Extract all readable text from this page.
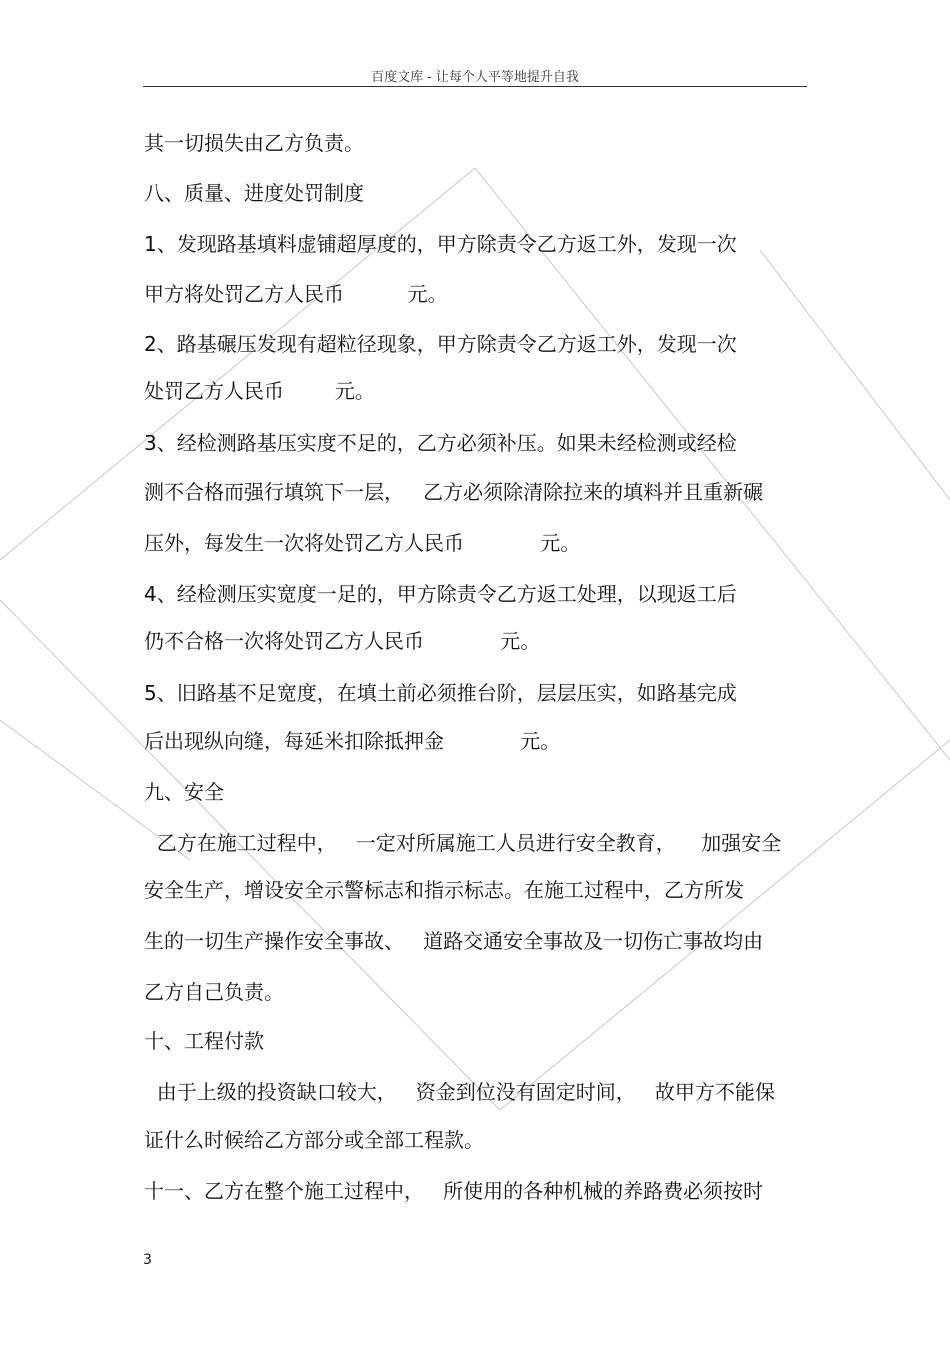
百度文库 - 让每个人平等地提升自我
其一切损失由乙方负责。
八、质量、进度处罚制度
1、发现路基填料虚铺超厚度的，甲方除责令乙方返工外，发现一次
甲方将处罚乙方人民币          元。
2、路基碾压发现有超粒径现象，甲方除责令乙方返工外，发现一次
处罚乙方人民币        元。
3、经检测路基压实度不足的，乙方必须补压。如果未经检测或经检
测不合格而强行填筑下一层，   乙方必须除清除拉来的填料并且重新碾
压外，每发生一次将处罚乙方人民币            元。
4、经检测压实宽度一足的，甲方除责令乙方返工处理，以现返工后
仍不合格一次将处罚乙方人民币            元。
5、旧路基不足宽度，在填土前必须推台阶，层层压实，如路基完成
后出现纵向缝，每延米扣除抵押金            元。
九、安全
乙方在施工过程中，   一定对所属施工人员进行安全教育，    加强安全
安全生产，增设安全示警标志和指示标志。在施工过程中，乙方所发
生的一切生产操作安全事故、   道路交通安全事故及一切伤亡事故均由
乙方自己负责。
十、工程付款
由于上级的投资缺口较大，   资金到位没有固定时间，   故甲方不能保
证什么时候给乙方部分或全部工程款。
十一、乙方在整个施工过程中，   所使用的各种机械的养路费必须按时
3
